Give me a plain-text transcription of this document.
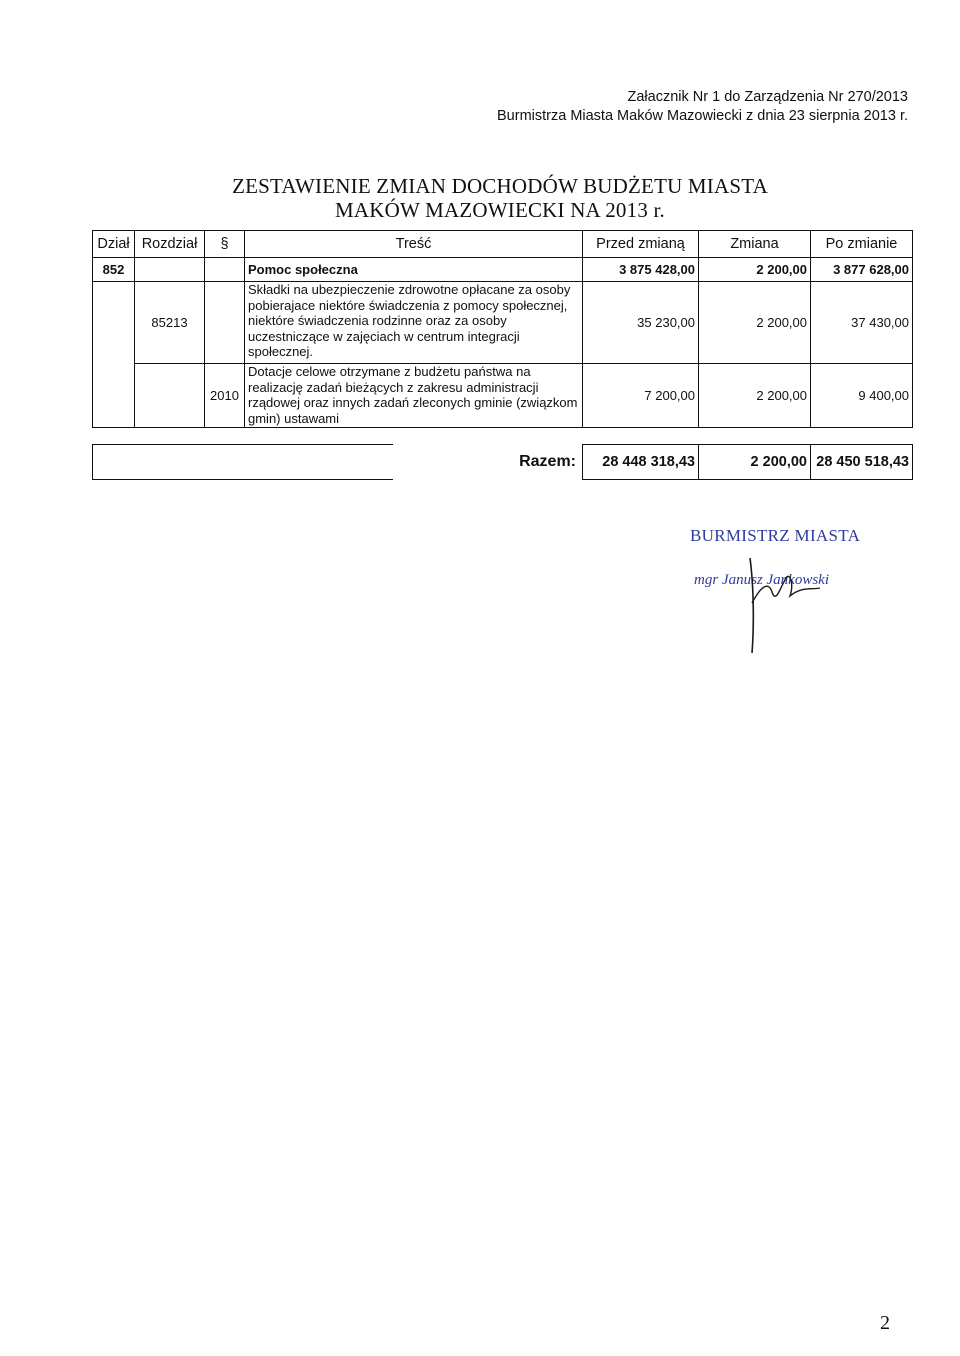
Załacznik Nr 1 do Zarządzenia Nr 270/2013
Burmistrza Miasta Maków Mazowiecki z dnia 23 sierpnia 2013 r.
ZESTAWIENIE ZMIAN DOCHODÓW BUDŻETU MIASTA
MAKÓW MAZOWIECKI NA 2013 r.
Dział	Rozdział	§	Treść	Przed zmianą	Zmiana	Po zmianie
852			Pomoc społeczna	3 875 428,00	2 200,00	3 877 628,00
	85213		Składki na ubezpieczenie zdrowotne opłacane za osoby pobierajace niektóre świadczenia z pomocy społecznej, niektóre świadczenia rodzinne oraz za osoby uczestniczące w zajęciach w centrum integracji społecznej.	35 230,00	2 200,00	37 430,00
		2010	Dotacje celowe otrzymane z budżetu państwa na realizację zadań bieżących z zakresu administracji rządowej oraz innych zadań zleconych gminie (związkom gmin) ustawami	7 200,00	2 200,00	9 400,00
	Razem:	28 448 318,43	2 200,00	28 450 518,43
BURMISTRZ MIASTA
mgr Janusz Jankowski
2
